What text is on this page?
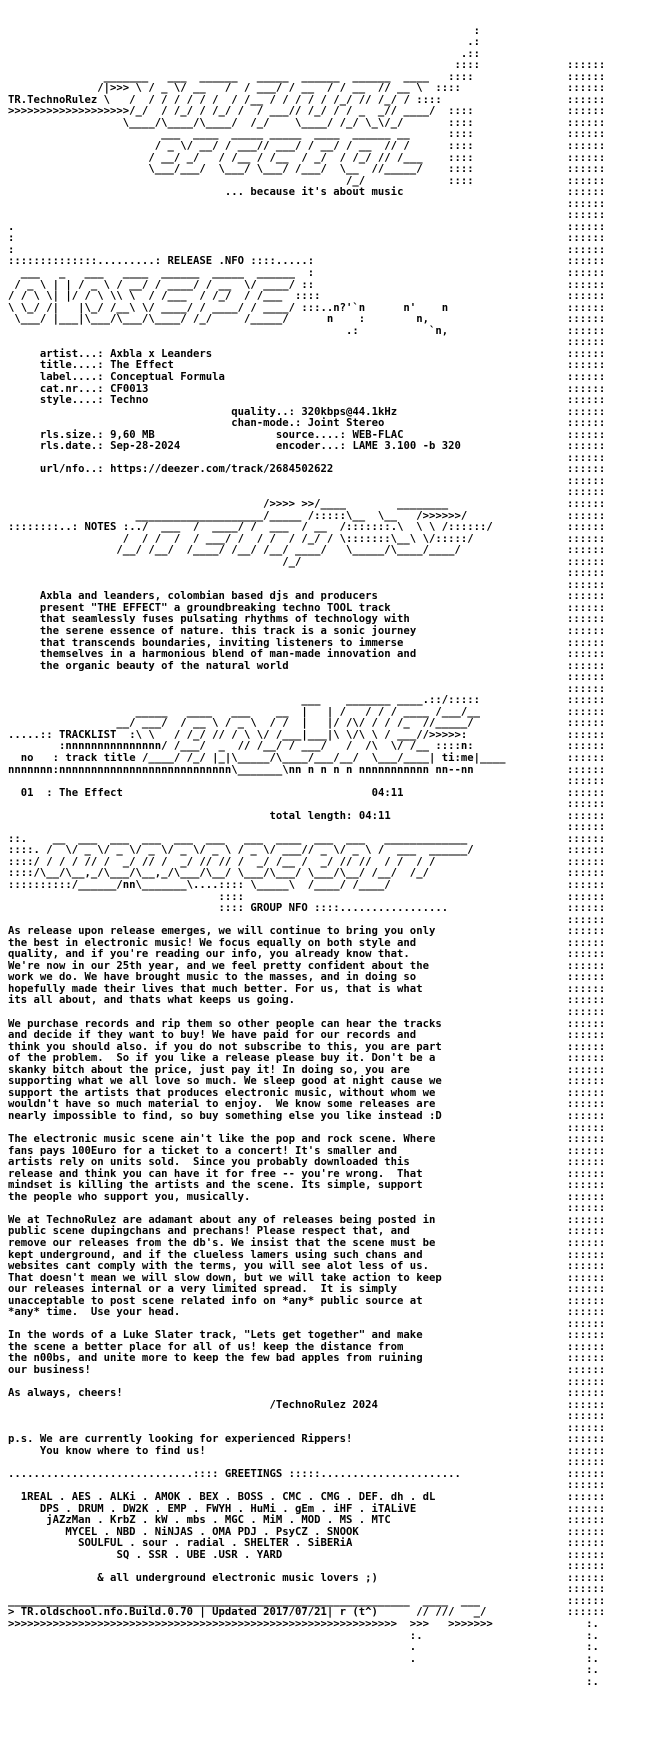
:
.:
.::
::::
_______   ___  ______   _____  ______  ______  ____   ::::
/|>>> \ / _ \/ __   /  / ___/ / __  / / __  // __ \  ::::
TR.TechnoRulez \   /  / / / / / /  / /__ / / / / / /_/ // /_/ / ::::
>>>>>>>>>>>>>>>>>>>/_/  / /_/ / /_/ /  / ___// /_/ / / _  _// ____/  ::::
\____/\____/\____/  /_/    \____/ /_/ \_\/_/       ::::
___  ____  _____ _____  ____  ______ __      ::::
/ _ \/ __/ / ___// ___/ / __/ / __  // /      ::::
/ __/ _/   / /__ / /__  / _/  / /_/ // /___    ::::
\___/___/  \___/ \___/ /___/  \__  //_____/    ::::
/_/             ::::
... because it's about music
.
:
:
::::::::::::::.........: RELEASE .NFO ::::.....:
___   _   ___   ____  ______  _____  ______  :
/ _ \ | | / _ \ / __/ / ____/ / __  \/ ____/ ::
/ / \ \| |/ / \ \\ \  / /___  / /_/  / /___  ::::
\ \_/ /|   |\_/ /__\ \/ ____/ / ____/ / ____/ :::..n?'`n      n'    n
\___/ |___|\___/\___/\____/ /_/     /_____/      n    :        n,
.:           `n,
artist...: Axbla x Leanders
title....: The Effect
label....: Conceptual Formula
cat.nr...: CF0013
style....: Techno
quality..: 320kbps@44.1kHz
chan-mode.: Joint Stereo
rls.size.: 9,60 MB	source....: WEB-FLAC
rls.date.: Sep-28-2024	encoder...: LAME 3.100 -b 320
url/nfo..: https://deezer.com/track/2684502622
/>>>> >>/____        ________
____________________/_____ /:::::\__  \__   />>>>>>/
::::::::..: NOTES :../  ___  /  ____/ /  ___  / __  /:::::::.\  \ \ /::::::/
/  / /  /  / ___/ /  / /  / /_/ / \:::::::\__\ \/:::::/
/__/ /__/  /____/ /__/ /__/ ____/   \_____/\____/____/
/_/
Axbla and leanders, colombian based djs and producers
present "THE EFFECT" a groundbreaking techno TOOL track
that seamlessly fuses pulsating rhythms of technology with
the serene essence of nature. this track is a sonic journey
that transcends boundaries, inviting listeners to immerse
themselves in a harmonious blend of man-made innovation and
the organic beauty of the natural world
___    _______ ____.::/:::::
_____   ____   ___    __  |   | /   / / / ____ /___/__
__/ ___/  / __ \ / _ \  / /  |   |/ /\/ / / /_  //_____/
.....:: TRACKLIST  :\ \   / /_/ // / \ \/ /___|___|\ \/\ \ / ___//>>>>>:
:nnnnnnnnnnnnnnn/ /___/  _  // /__/ / ___/   /  /\  \/ /__ ::::n:
no   : track title /____/ /_/ |_|\_____/\____/___/__/  \___/____| ti:me|____
nnnnnnn:nnnnnnnnnnnnnnnnnnnnnnnnnnn\_______\nn n n n n nnnnnnnnnnn nn--nn
01  : The Effect	04:11
total length: 04:11
::.    __  ___  ___  ___  ___  ___   ___  ____  ___  ___   _____________
::::. /  \/ _ \/ _ \/ _ \/ _ \/ _ \ / _ \/ ___// _ \/ _ \ /  ___  ______/
::::/ / / / // /  _/ // /  _/ // // /  _/ /__ /  _/ // //  / /  / /
::::/\__/\__,_/\___/\__,_/\___/\__/ \___/\___/ \___/\__/ /__/  /_/
::::::::::/______/nn\_______\....:::: \_____\  /____/ /____/
::::
:::: GROUP NFO ::::.................
As release upon release emerges, we will continue to bring you only
the best in electronic music! We focus equally on both style and
quality, and if you're reading our info, you already know that.
We're now in our 25th year, and we feel pretty confident about the
work we do. We have brought music to the masses, and in doing so
hopefully made their lives that much better. For us, that is what
its all about, and thats what keeps us going.
We purchase records and rip them so other people can hear the tracks
and decide if they want to buy! We have paid for our records and
think you should also. if you do not subscribe to this, you are part
of the problem.  So if you like a release please buy it. Don't be a
skanky bitch about the price, just pay it! In doing so, you are
supporting what we all love so much. We sleep good at night cause we
support the artists that produces electronic music, without whom we
wouldn't have so much material to enjoy.  We know some releases are
nearly impossible to find, so buy something else you like instead :D
The electronic music scene ain't like the pop and rock scene. Where
fans pays 100Euro for a ticket to a concert! It's smaller and
artists rely on units sold.  Since you probably downloaded this
release and think you can have it for free -- you're wrong.  That
mindset is killing the artists and the scene. Its simple, support
the people who support you, musically.
We at TechnoRulez are adamant about any of releases being posted in
public scene dupingchans and prechans! Please respect that, and
remove our releases from the db's. We insist that the scene must be
kept underground, and if the clueless lamers using such chans and
websites cant comply with the terms, you will see alot less of us.
That doesn't mean we will slow down, but we will take action to keep
our releases internal or a very limited spread.  It is simply
unacceptable to post scene related info on *any* public source at
*any* time.  Use your head.
In the words of a Luke Slater track, "Lets get together" and make
the scene a better place for all of us! keep the distance from
the n00bs, and unite more to keep the few bad apples from ruining
our business!
As always, cheers!
/TechnoRulez 2024
p.s. We are currently looking for experienced Rippers!
You know where to find us!
.............................:::: GREETINGS :::::......................
1REAL . AES . ALKi . AMOK . BEX . BOSS . CMC . CMG . DEF. dh . dL
DPS . DRUM . DW2K . EMP . FWYH . HuMi . gEm . iHF . iTALiVE
jAZzMan . KrbZ . kW . mbs . MGC . MiM . MOD . MS . MTC
MYCEL . NBD . NiNJAS . OMA PDJ . PsyCZ . SNOOK
SOULFUL . sour . radial . SHELTER . SiBERiA
SQ . SSR . UBE .USR . YARD
& all underground electronic music lovers ;)
_______________________________________________________________  ____  ___
> TR.oldschool.nfo.Build.0.70 | Updated 2017/07/21| r (t^)      // ///   _/
>>>>>>>>>>>>>>>>>>>>>>>>>>>>>>>>>>>>>>>>>>>>>>>>>>>>>>>>>>>>>  >>>   >>>>>>>
:.
.
.

::::::
::::::
::::::
::::::
::::::
::::::
::::::
::::::
::::::
::::::
::::::
::::::
::::::
::::::
::::::
::::::
::::::
::::::
::::::
::::::
::::::
::::::
::::::
::::::
::::::
::::::
::::::
::::::
::::::
::::::
::::::
::::::
::::::
::::::
::::::
::::::
::::::
::::::
::::::
::::::
::::::
::::::
::::::
::::::
::::::
::::::
::::::
::::::
::::::
::::::
::::::
::::::
::::::
::::::
::::::
::::::
::::::
::::::
::::::
::::::
::::::
::::::
::::::
::::::
::::::
::::::
::::::
::::::
::::::
::::::
::::::
::::::
::::::
::::::
::::::
::::::
::::::
::::::
::::::
::::::
::::::
::::::
::::::
::::::
::::::
::::::
::::::
::::::
::::::
::::::
::::::
::::::
::::::
::::::
::::::
::::::
::::::
::::::
::::::
::::::
::::::
::::::
::::::
::::::
::::::
::::::
::::::
::::::
::::::
::::::
::::::
::::::
::::::
::::::
::::::
::::::
::::::
::::::
::::::
::::::
::::::
::::::
::::::
::::::
::::::
::::::
::::::
::::::
::::::
::::::
::::::
::::::
::::::
::::::
::::::
:.
:.
:.
:.
:.
:.
